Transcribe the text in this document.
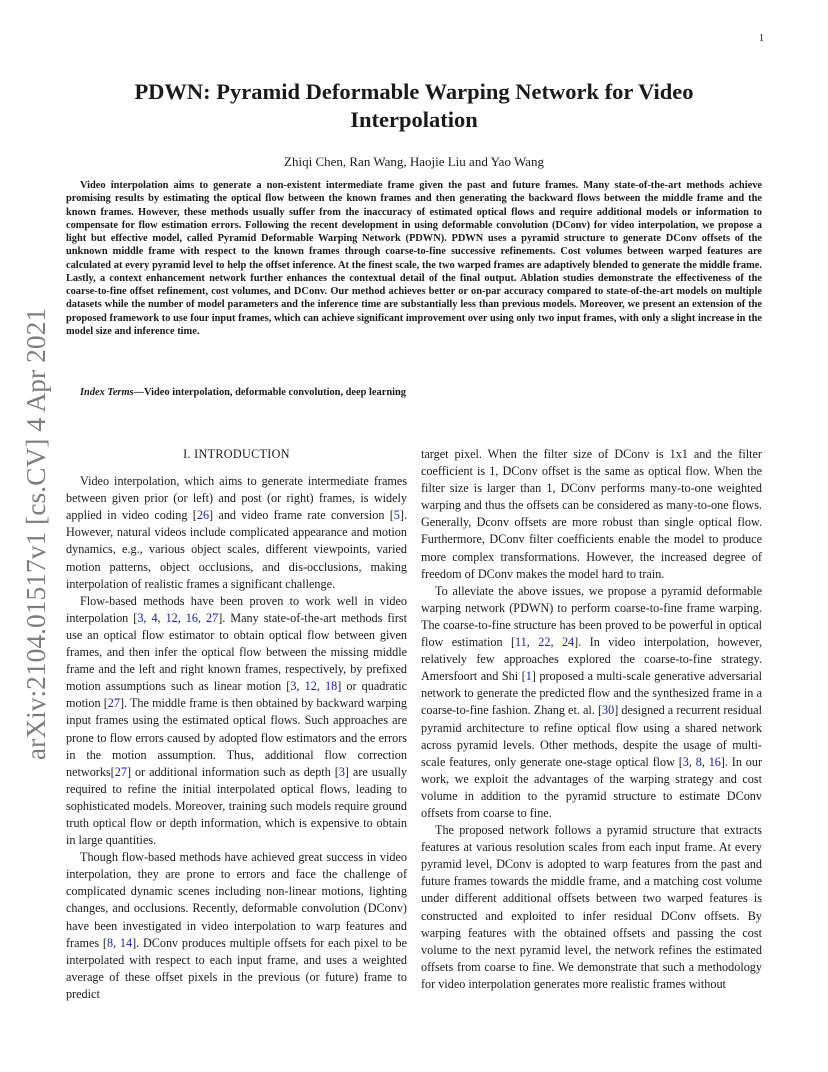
1
arXiv:2104.01517v1 [cs.CV] 4 Apr 2021
PDWN: Pyramid Deformable Warping Network for Video Interpolation
Zhiqi Chen, Ran Wang, Haojie Liu and Yao Wang
Video interpolation aims to generate a non-existent intermediate frame given the past and future frames. Many state-of-the-art methods achieve promising results by estimating the optical flow between the known frames and then generating the backward flows between the middle frame and the known frames. However, these methods usually suffer from the inaccuracy of estimated optical flows and require additional models or information to compensate for flow estimation errors. Following the recent development in using deformable convolution (DConv) for video interpolation, we propose a light but effective model, called Pyramid Deformable Warping Network (PDWN). PDWN uses a pyramid structure to generate DConv offsets of the unknown middle frame with respect to the known frames through coarse-to-fine successive refinements. Cost volumes between warped features are calculated at every pyramid level to help the offset inference. At the finest scale, the two warped frames are adaptively blended to generate the middle frame. Lastly, a context enhancement network further enhances the contextual detail of the final output. Ablation studies demonstrate the effectiveness of the coarse-to-fine offset refinement, cost volumes, and DConv. Our method achieves better or on-par accuracy compared to state-of-the-art models on multiple datasets while the number of model parameters and the inference time are substantially less than previous models. Moreover, we present an extension of the proposed framework to use four input frames, which can achieve significant improvement over using only two input frames, with only a slight increase in the model size and inference time.
Index Terms—Video interpolation, deformable convolution, deep learning
I. INTRODUCTION

Video interpolation, which aims to generate intermediate frames between given prior (or left) and post (or right) frames, is widely applied in video coding [26] and video frame rate conversion [5]. However, natural videos include complicated appearance and motion dynamics, e.g., various object scales, different viewpoints, varied motion patterns, object occlusions, and dis-occlusions, making interpolation of realistic frames a significant challenge.

Flow-based methods have been proven to work well in video interpolation [3, 4, 12, 16, 27]. Many state-of-the-art methods first use an optical flow estimator to obtain optical flow between given frames, and then infer the optical flow between the missing middle frame and the left and right known frames, respectively, by prefixed motion assumptions such as linear motion [3, 12, 18] or quadratic motion [27]. The middle frame is then obtained by backward warping input frames using the estimated optical flows. Such approaches are prone to flow errors caused by adopted flow estimators and the errors in the motion assumption. Thus, additional flow correction networks[27] or additional information such as depth [3] are usually required to refine the initial interpolated optical flows, leading to sophisticated models. Moreover, training such models require ground truth optical flow or depth information, which is expensive to obtain in large quantities.

Though flow-based methods have achieved great success in video interpolation, they are prone to errors and face the challenge of complicated dynamic scenes including non-linear motions, lighting changes, and occlusions. Recently, deformable convolution (DConv) have been investigated in video interpolation to warp features and frames [8, 14]. DConv produces multiple offsets for each pixel to be interpolated with respect to each input frame, and uses a weighted average of these offset pixels in the previous (or future) frame to predict

target pixel. When the filter size of DConv is 1x1 and the filter coefficient is 1, DConv offset is the same as optical flow. When the filter size is larger than 1, DConv performs many-to-one weighted warping and thus the offsets can be considered as many-to-one flows. Generally, Dconv offsets are more robust than single optical flow. Furthermore, DConv filter coefficients enable the model to produce more complex transformations. However, the increased degree of freedom of DConv makes the model hard to train.

To alleviate the above issues, we propose a pyramid deformable warping network (PDWN) to perform coarse-to-fine frame warping. The coarse-to-fine structure has been proved to be powerful in optical flow estimation [11, 22, 24]. In video interpolation, however, relatively few approaches explored the coarse-to-fine strategy. Amersfoort and Shi [1] proposed a multi-scale generative adversarial network to generate the predicted flow and the synthesized frame in a coarse-to-fine fashion. Zhang et. al. [30] designed a recurrent residual pyramid architecture to refine optical flow using a shared network across pyramid levels. Other methods, despite the usage of multi-scale features, only generate one-stage optical flow [3, 8, 16]. In our work, we exploit the advantages of the warping strategy and cost volume in addition to the pyramid structure to estimate DConv offsets from coarse to fine.

The proposed network follows a pyramid structure that extracts features at various resolution scales from each input frame. At every pyramid level, DConv is adopted to warp features from the past and future frames towards the middle frame, and a matching cost volume under different additional offsets between two warped features is constructed and exploited to infer residual DConv offsets. By warping features with the obtained offsets and passing the cost volume to the next pyramid level, the network refines the estimated offsets from coarse to fine. We demonstrate that such a methodology for video interpolation generates more realistic frames without
